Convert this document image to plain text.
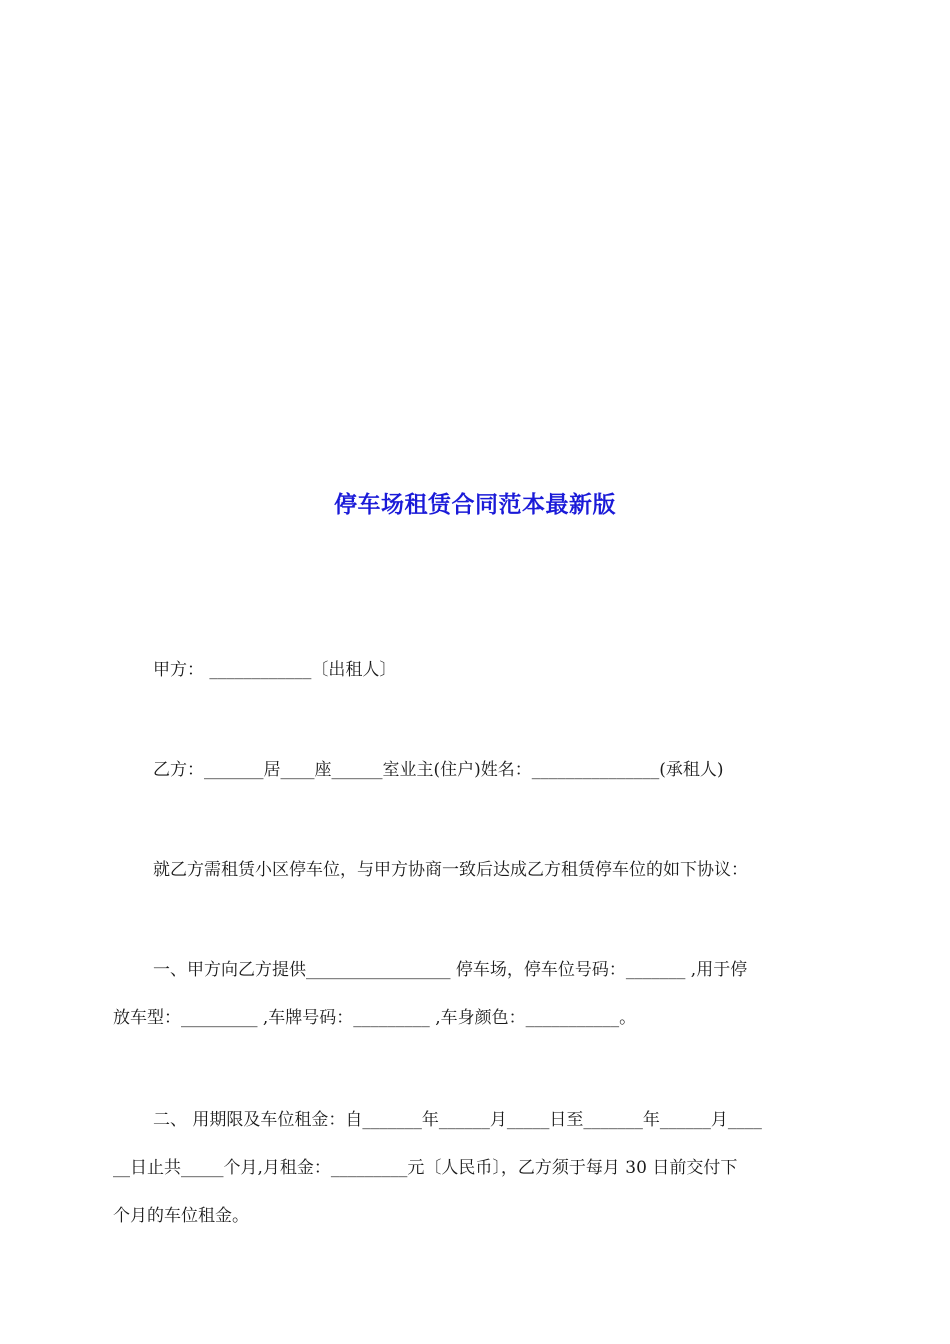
停车场租赁合同范本最新版

甲方： ____________〔出租人〕

乙方：_______居____座______室业主(住户)姓名：_______________(承租人)

就乙方需租赁小区停车位，与甲方协商一致后达成乙方租赁停车位的如下协议：

一、甲方向乙方提供_________________ 停车场，停车位号码：_______ ,用于停
放车型：_________ ,车牌号码：_________ ,车身颜色：___________。

二、 用期限及车位租金：自_______年______月_____日至_______年______月____
__日止共_____个月,月租金：_________元〔人民币〕，乙方须于每月 30 日前交付下
个月的车位租金。
